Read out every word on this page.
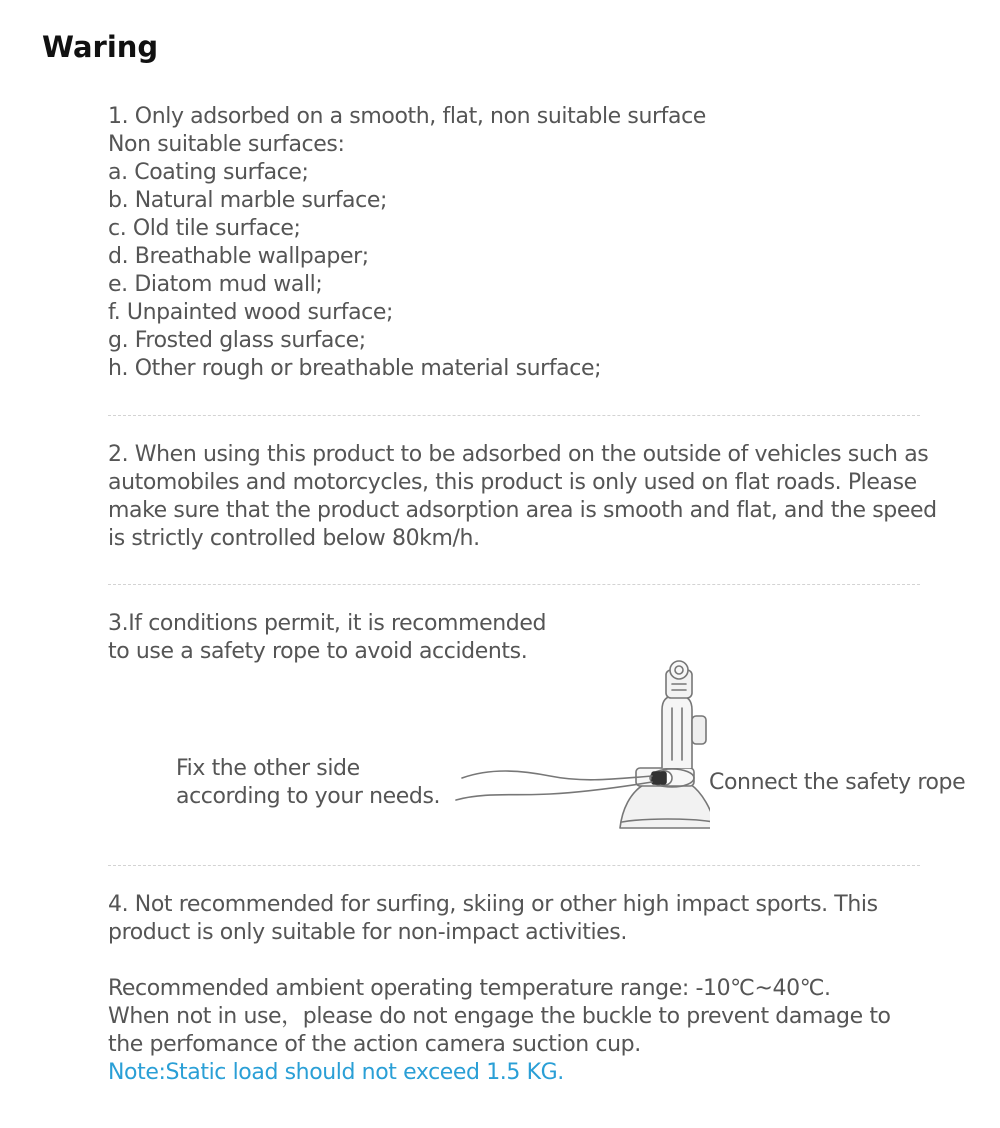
Waring
1. Only adsorbed on a smooth, flat, non suitable surface
Non suitable surfaces:
a. Coating surface;
b. Natural marble surface;
c. Old tile surface;
d. Breathable wallpaper;
e. Diatom mud wall;
f. Unpainted wood surface;
g. Frosted glass surface;
h. Other rough or breathable material surface;
2. When using this product to be adsorbed on the outside of vehicles such as
automobiles and motorcycles, this product is only used on flat roads. Please
make sure that the product adsorption area is smooth and flat, and the speed
is strictly controlled below 80km/h.
3.If conditions permit, it is recommended
to use a safety rope to avoid accidents.
Fix the other side
according to your needs.
Connect the safety rope
4. Not recommended for surfing, skiing or other high impact sports. This
product is only suitable for non-impact activities.
Recommended ambient operating temperature range: -10℃~40℃.
When not in use，please do not engage the buckle to prevent damage to
the perfomance of the action camera suction cup.
Note:Static load should not exceed 1.5 KG.
